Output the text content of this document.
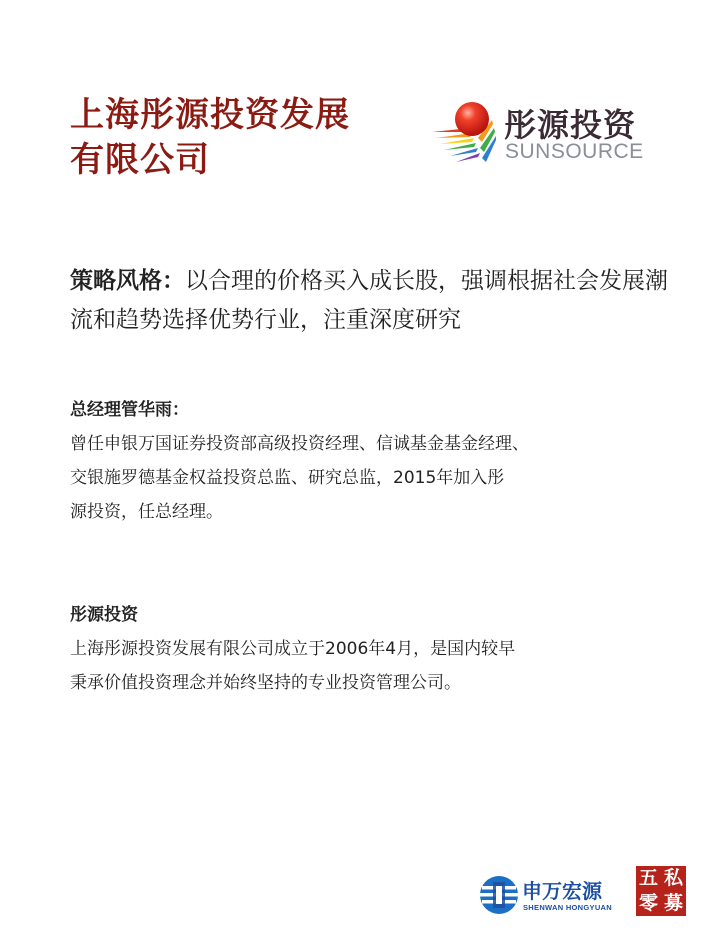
上海彤源投资发展
有限公司
彤源投资
SUNSOURCE
策略风格：以合理的价格买入成长股，强调根据社会发展潮流和趋势选择优势行业，注重深度研究
总经理管华雨：
曾任申银万国证券投资部高级投资经理、信诚基金基金经理、
交银施罗德基金权益投资总监、研究总监，2015年加入彤
源投资，任总经理。
彤源投资
上海彤源投资发展有限公司成立于2006年4月，是国内较早
秉承价值投资理念并始终坚持的专业投资管理公司。
申万宏源
SHENWAN HONGYUAN
五 私
零 募
